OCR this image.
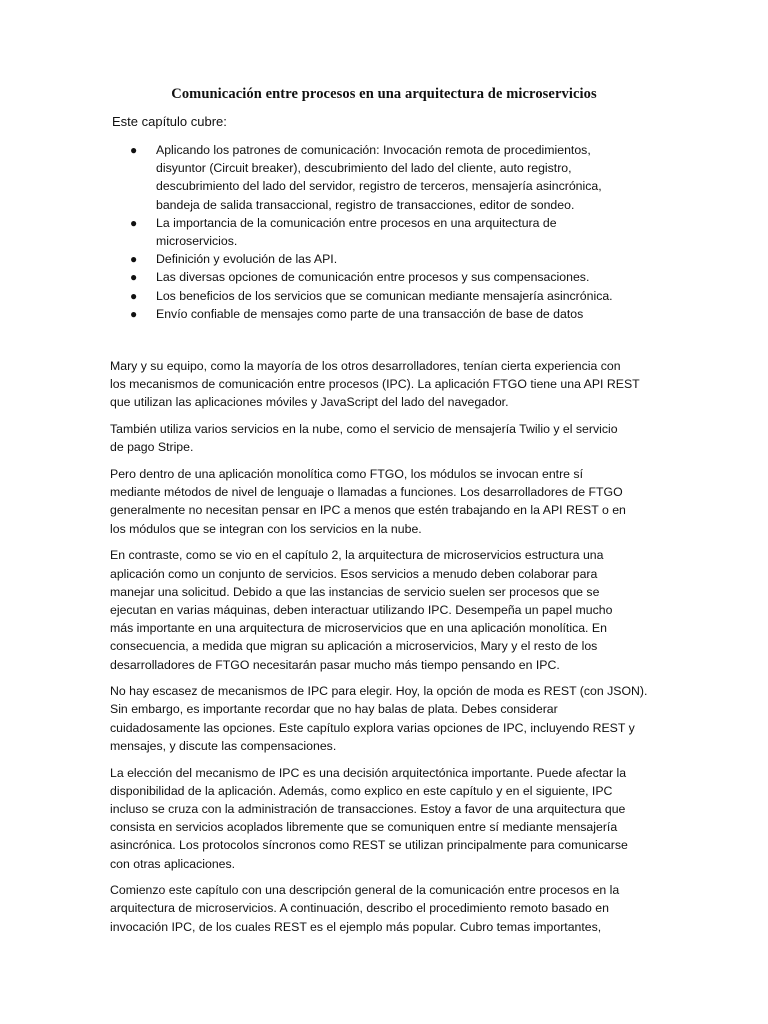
Comunicación entre procesos en una arquitectura de microservicios
Este capítulo cubre:
● Aplicando los patrones de comunicación: Invocación remota de procedimientos,
disyuntor (Circuit breaker), descubrimiento del lado del cliente, auto registro,
descubrimiento del lado del servidor, registro de terceros, mensajería asincrónica,
bandeja de salida transaccional, registro de transacciones, editor de sondeo.
● La importancia de la comunicación entre procesos en una arquitectura de
microservicios.
● Definición y evolución de las API.
● Las diversas opciones de comunicación entre procesos y sus compensaciones.
● Los beneficios de los servicios que se comunican mediante mensajería asincrónica.
● Envío confiable de mensajes como parte de una transacción de base de datos

Mary y su equipo, como la mayoría de los otros desarrolladores, tenían cierta experiencia con
los mecanismos de comunicación entre procesos (IPC). La aplicación FTGO tiene una API REST
que utilizan las aplicaciones móviles y JavaScript del lado del navegador.

También utiliza varios servicios en la nube, como el servicio de mensajería Twilio y el servicio
de pago Stripe.

Pero dentro de una aplicación monolítica como FTGO, los módulos se invocan entre sí
mediante métodos de nivel de lenguaje o llamadas a funciones. Los desarrolladores de FTGO
generalmente no necesitan pensar en IPC a menos que estén trabajando en la API REST o en
los módulos que se integran con los servicios en la nube.

En contraste, como se vio en el capítulo 2, la arquitectura de microservicios estructura una
aplicación como un conjunto de servicios. Esos servicios a menudo deben colaborar para
manejar una solicitud. Debido a que las instancias de servicio suelen ser procesos que se
ejecutan en varias máquinas, deben interactuar utilizando IPC. Desempeña un papel mucho
más importante en una arquitectura de microservicios que en una aplicación monolítica. En
consecuencia, a medida que migran su aplicación a microservicios, Mary y el resto de los
desarrolladores de FTGO necesitarán pasar mucho más tiempo pensando en IPC.

No hay escasez de mecanismos de IPC para elegir. Hoy, la opción de moda es REST (con JSON).
Sin embargo, es importante recordar que no hay balas de plata. Debes considerar
cuidadosamente las opciones. Este capítulo explora varias opciones de IPC, incluyendo REST y
mensajes, y discute las compensaciones.

La elección del mecanismo de IPC es una decisión arquitectónica importante. Puede afectar la
disponibilidad de la aplicación. Además, como explico en este capítulo y en el siguiente, IPC
incluso se cruza con la administración de transacciones. Estoy a favor de una arquitectura que
consista en servicios acoplados libremente que se comuniquen entre sí mediante mensajería
asincrónica. Los protocolos síncronos como REST se utilizan principalmente para comunicarse
con otras aplicaciones.

Comienzo este capítulo con una descripción general de la comunicación entre procesos en la
arquitectura de microservicios. A continuación, describo el procedimiento remoto basado en
invocación IPC, de los cuales REST es el ejemplo más popular. Cubro temas importantes,
